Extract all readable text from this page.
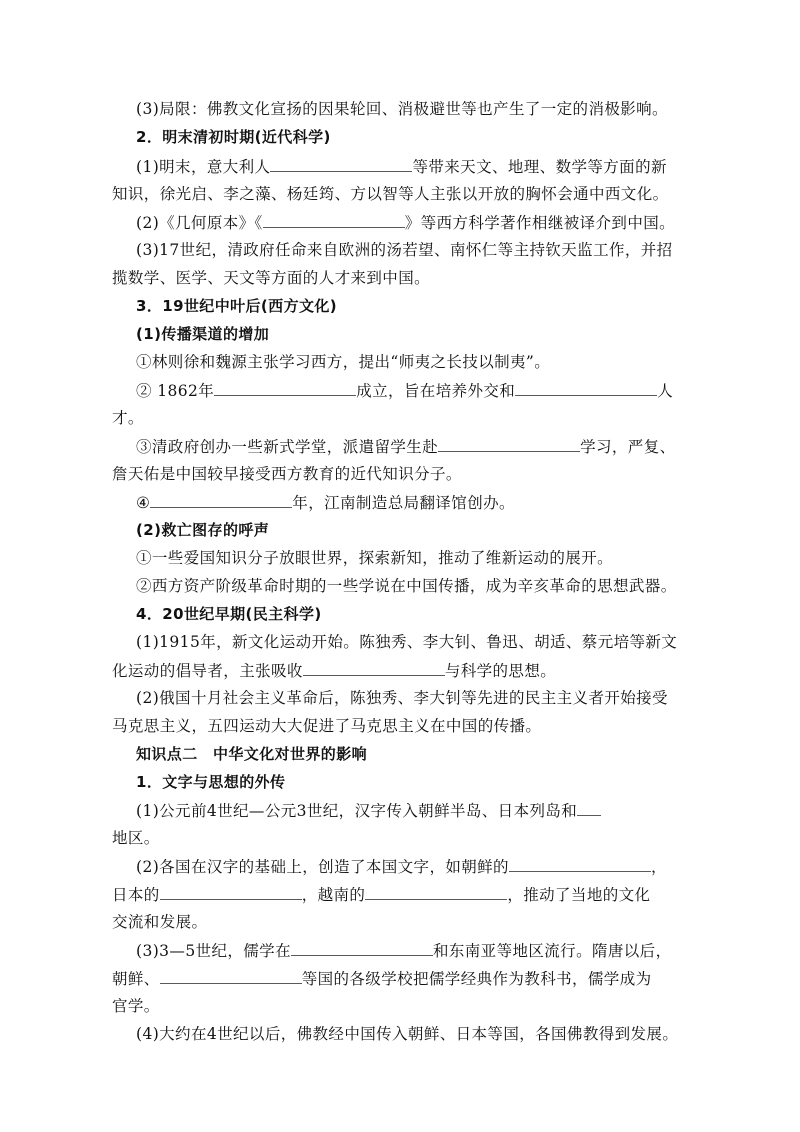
(3)局限：佛教文化宣扬的因果轮回、消极避世等也产生了一定的消极影响。
2．明末清初时期(近代科学)
(1)明末，意大利人	等带来天文、地理、数学等方面的新
知识，徐光启、李之藻、杨廷筠、方以智等人主张以开放的胸怀会通中西文化。
(2)《几何原本》《	》等西方科学著作相继被译介到中国。
(3)17世纪，清政府任命来自欧洲的汤若望、南怀仁等主持钦天监工作，并招
揽数学、医学、天文等方面的人才来到中国。
3．19世纪中叶后(西方文化)
(1)传播渠道的增加
①林则徐和魏源主张学习西方，提出“师夷之长技以制夷”。
② 1862年	成立，旨在培养外交和	人
才。
③清政府创办一些新式学堂，派遣留学生赴	学习，严复、
詹天佑是中国较早接受西方教育的近代知识分子。
④	年，江南制造总局翻译馆创办。
(2)救亡图存的呼声
①一些爱国知识分子放眼世界，探索新知，推动了维新运动的展开。
②西方资产阶级革命时期的一些学说在中国传播，成为辛亥革命的思想武器。
4．20世纪早期(民主科学)
(1)1915年，新文化运动开始。陈独秀、李大钊、鲁迅、胡适、蔡元培等新文
化运动的倡导者，主张吸收	与科学的思想。
(2)俄国十月社会主义革命后，陈独秀、李大钊等先进的民主主义者开始接受
马克思主义，五四运动大大促进了马克思主义在中国的传播。
知识点二　中华文化对世界的影响
1．文字与思想的外传
(1)公元前4世纪—公元3世纪，汉字传入朝鲜半岛、日本列岛和
地区。
(2)各国在汉字的基础上，创造了本国文字，如朝鲜的	，
日本的	，越南的	，推动了当地的文化
交流和发展。
(3)3—5世纪，儒学在	和东南亚等地区流行。隋唐以后，
朝鲜、	等国的各级学校把儒学经典作为教科书，儒学成为
官学。
(4)大约在4世纪以后，佛教经中国传入朝鲜、日本等国，各国佛教得到发展。
